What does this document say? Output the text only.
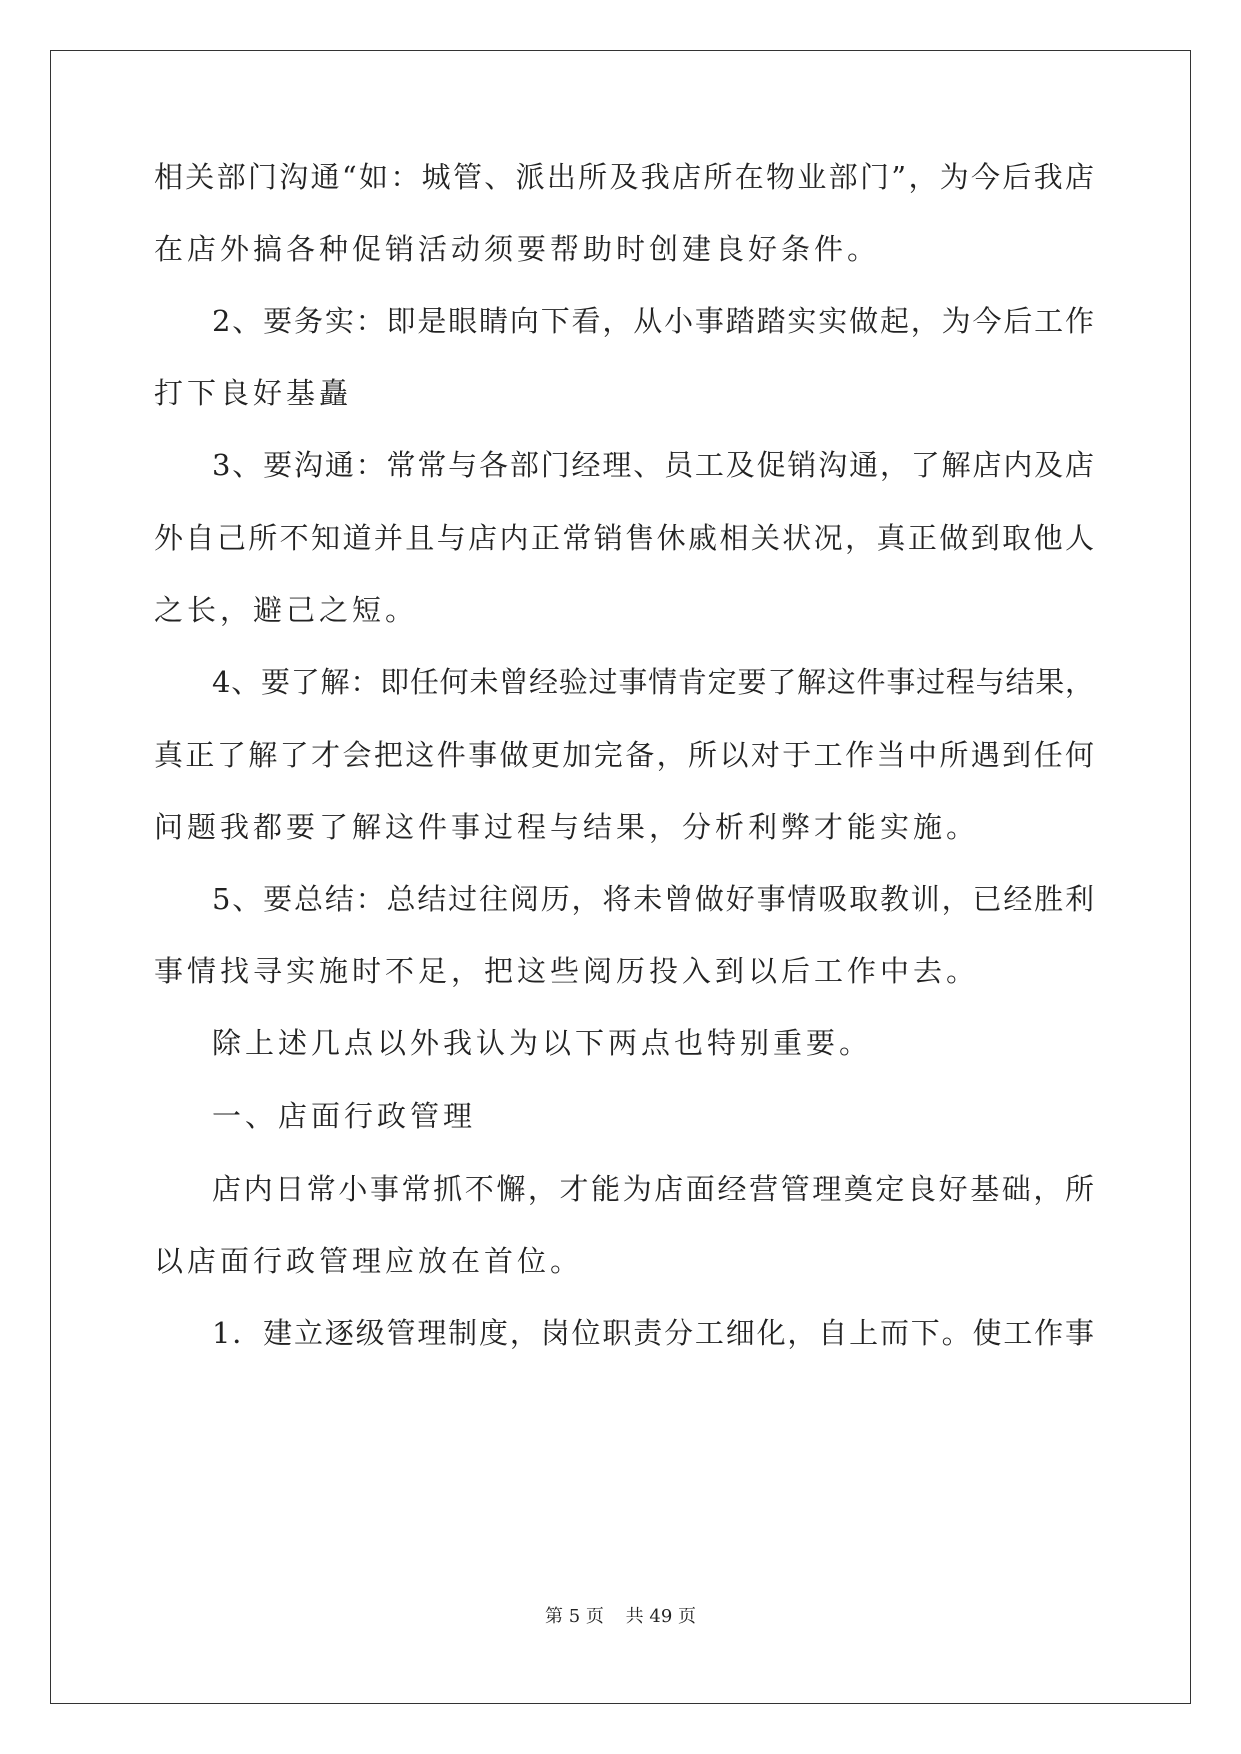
相关部门沟通“如：城管、派出所及我店所在物业部门”，为今后我店
在店外搞各种促销活动须要帮助时创建良好条件。
2、要务实：即是眼睛向下看，从小事踏踏实实做起，为今后工作
打下良好基矗
3、要沟通：常常与各部门经理、员工及促销沟通，了解店内及店
外自己所不知道并且与店内正常销售休戚相关状况，真正做到取他人
之长，避己之短。
4、要了解：即任何未曾经验过事情肯定要了解这件事过程与结果，
真正了解了才会把这件事做更加完备，所以对于工作当中所遇到任何
问题我都要了解这件事过程与结果，分析利弊才能实施。
5、要总结：总结过往阅历，将未曾做好事情吸取教训，已经胜利
事情找寻实施时不足，把这些阅历投入到以后工作中去。
除上述几点以外我认为以下两点也特别重要。
一、店面行政管理
店内日常小事常抓不懈，才能为店面经营管理奠定良好基础，所
以店面行政管理应放在首位。
1．建立逐级管理制度，岗位职责分工细化，自上而下。使工作事
第 5 页 共 49 页
